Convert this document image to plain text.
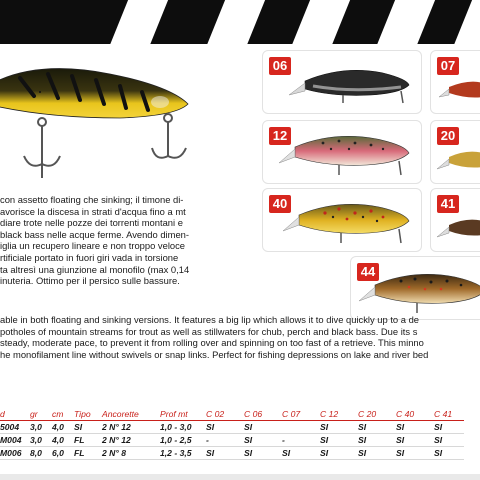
06	07
12	20
40	41
44

con assetto floating che sinking; il timone di-
avorisce la discesa in strati d'acqua fino a mt
diare trote nelle pozze dei torrenti montani e
black bass nelle acque ferme. Avendo dimen-
iglia un recupero lineare e non troppo veloce
rtificiale portato in fuori giri vada in torsione
ta altresì una giunzione al monofilo (max 0,14
inuteria. Ottimo per il persico sulle bassure.

able in both floating and sinking versions. It features a big lip which allows it to dive quickly up to a de
potholes of mountain streams for trout as well as stillwaters for chub, perch and black bass. Due its s
steady, moderate pace, to prevent it from rolling over and spinning on too fast of a retrieve. This minno
he monofilament line without swivels or snap links. Perfect for fishing depressions on lake and river bed

d	gr	cm	Tipo	Ancorette	Prof mt	C 02	C 06	C 07	C 12	C 20	C 40	C 41
5004	3,0	4,0	SI	2 N° 12	1,0 - 3,0	SI	SI		SI	SI	SI	SI
M004	3,0	4,0	FL	2 N° 12	1,0 - 2,5	-	SI	-	SI	SI	SI	SI
M006	8,0	6,0	FL	2 N° 8	1,2 - 3,5	SI	SI	SI	SI	SI	SI	SI
